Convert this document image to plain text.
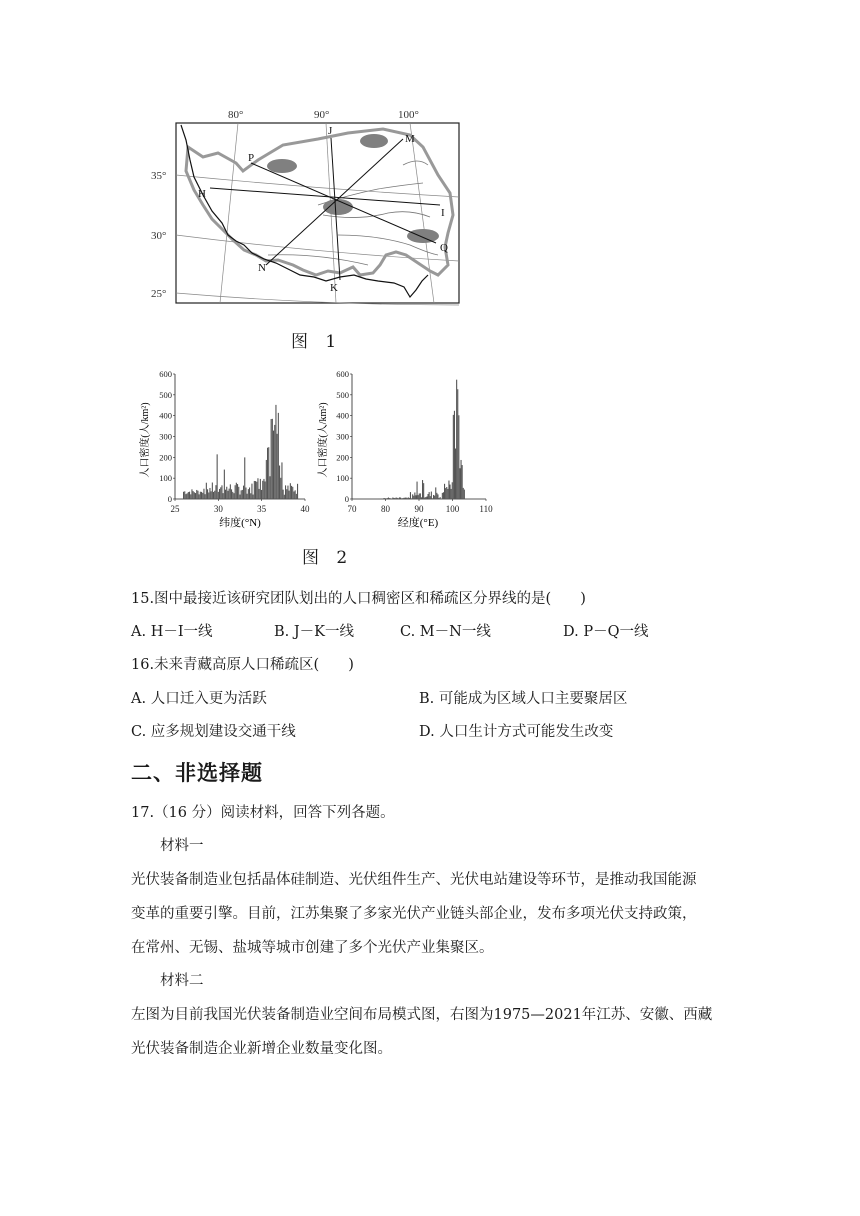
J
M
P
H
I
N
Q
K
80°	90°	100°
35°
30°
25°
图 1
人口密度(人/km²)
0
100
200
300
400
500
600
25	30	35	40
纬度(°N)
人口密度(人/km²)
0
100
200
300
400
500
600
70	80	90 100 110
经度(°E)
图 2
15.图中最接近该研究团队划出的人口稠密区和稀疏区分界线的是(　　)
A. H－I一线	B. J－K一线	C. M－N一线	D. P－Q一线
16.未来青藏高原人口稀疏区(　　)
A. 人口迁入更为活跃	B. 可能成为区域人口主要聚居区
C. 应多规划建设交通干线	D. 人口生计方式可能发生改变
二、非选择题
17.（16 分）阅读材料，回答下列各题。
材料一
光伏装备制造业包括晶体硅制造、光伏组件生产、光伏电站建设等环节，是推动我国能源
变革的重要引擎。目前，江苏集聚了多家光伏产业链头部企业，发布多项光伏支持政策，
在常州、无锡、盐城等城市创建了多个光伏产业集聚区。
材料二
左图为目前我国光伏装备制造业空间布局模式图，右图为1975—2021年江苏、安徽、西藏
光伏装备制造企业新增企业数量变化图。
